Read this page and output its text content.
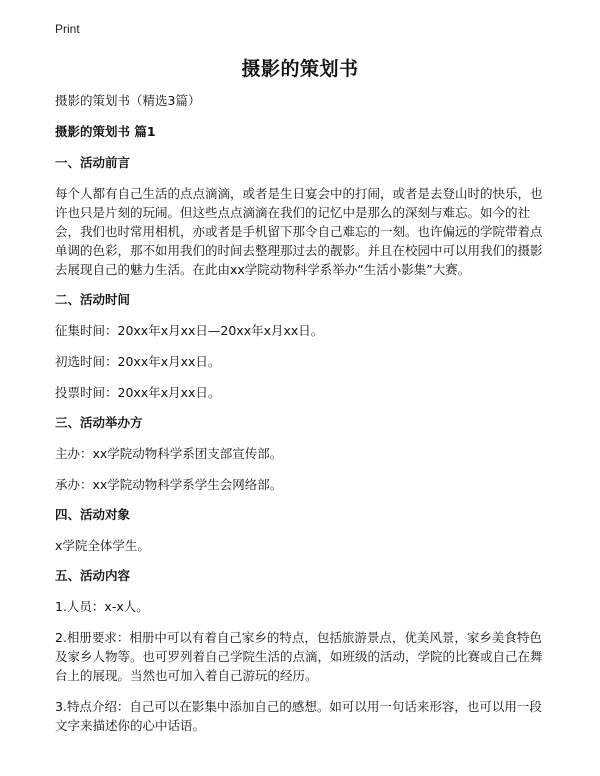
Print
摄影的策划书
摄影的策划书（精选3篇）
摄影的策划书 篇1
一、活动前言
每个人都有自己生活的点点滴滴，或者是生日宴会中的打闹，或者是去登山时的快乐，也许也只是片刻的玩闹。但这些点点滴滴在我们的记忆中是那么的深刻与难忘。如今的社会，我们也时常用相机，亦或者是手机留下那令自己难忘的一刻。也许偏远的学院带着点单调的色彩，那不如用我们的时间去整理那过去的靓影。并且在校园中可以用我们的摄影去展现自己的魅力生活。在此由xx学院动物科学系举办“生活小影集”大赛。
二、活动时间
征集时间：20xx年x月xx日—20xx年x月xx日。
初选时间：20xx年x月xx日。
投票时间：20xx年x月xx日。
三、活动举办方
主办：xx学院动物科学系团支部宣传部。
承办：xx学院动物科学系学生会网络部。
四、活动对象
x学院全体学生。
五、活动内容
1.人员：x-x人。
2.相册要求：相册中可以有着自己家乡的特点，包括旅游景点，优美风景，家乡美食特色及家乡人物等。也可罗列着自己学院生活的点滴，如班级的活动，学院的比赛或自己在舞台上的展现。当然也可加入着自己游玩的经历。
3.特点介绍：自己可以在影集中添加自己的感想。如可以用一句话来形容，也可以用一段文字来描述你的心中话语。
